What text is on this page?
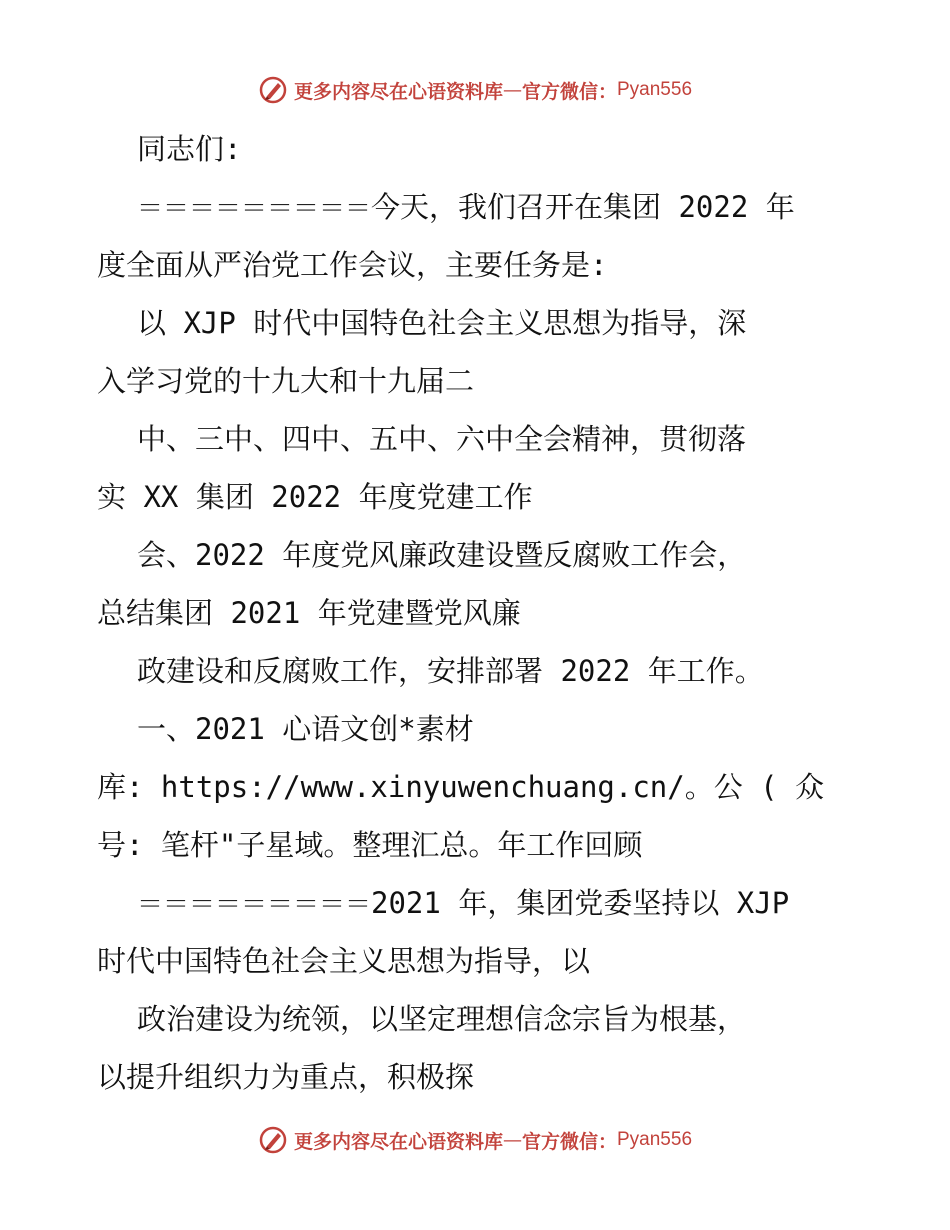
更多内容尽在心语资料库 — 官方微信： Pyan556
同志们:
＝＝＝＝＝＝＝＝＝今天，我们召开在集团 2022 年
度全面从严治党工作会议，主要任务是:
以 XJP 时代中国特色社会主义思想为指导，深
入学习党的十九大和十九届二
中、三中、四中、五中、六中全会精神，贯彻落
实 XX 集团 2022 年度党建工作
会、2022 年度党风廉政建设暨反腐败工作会，
总结集团 2021 年党建暨党风廉
政建设和反腐败工作，安排部署 2022 年工作。
一、2021 心语文创*素材
库: https://www.xinyuwenchuang.cn/。公 ( 众
号: 笔杆"子星域。整理汇总。年工作回顾
＝＝＝＝＝＝＝＝＝2021 年，集团党委坚持以 XJP
时代中国特色社会主义思想为指导，以
政治建设为统领，以坚定理想信念宗旨为根基，
以提升组织力为重点，积极探
更多内容尽在心语资料库 — 官方微信： Pyan556
